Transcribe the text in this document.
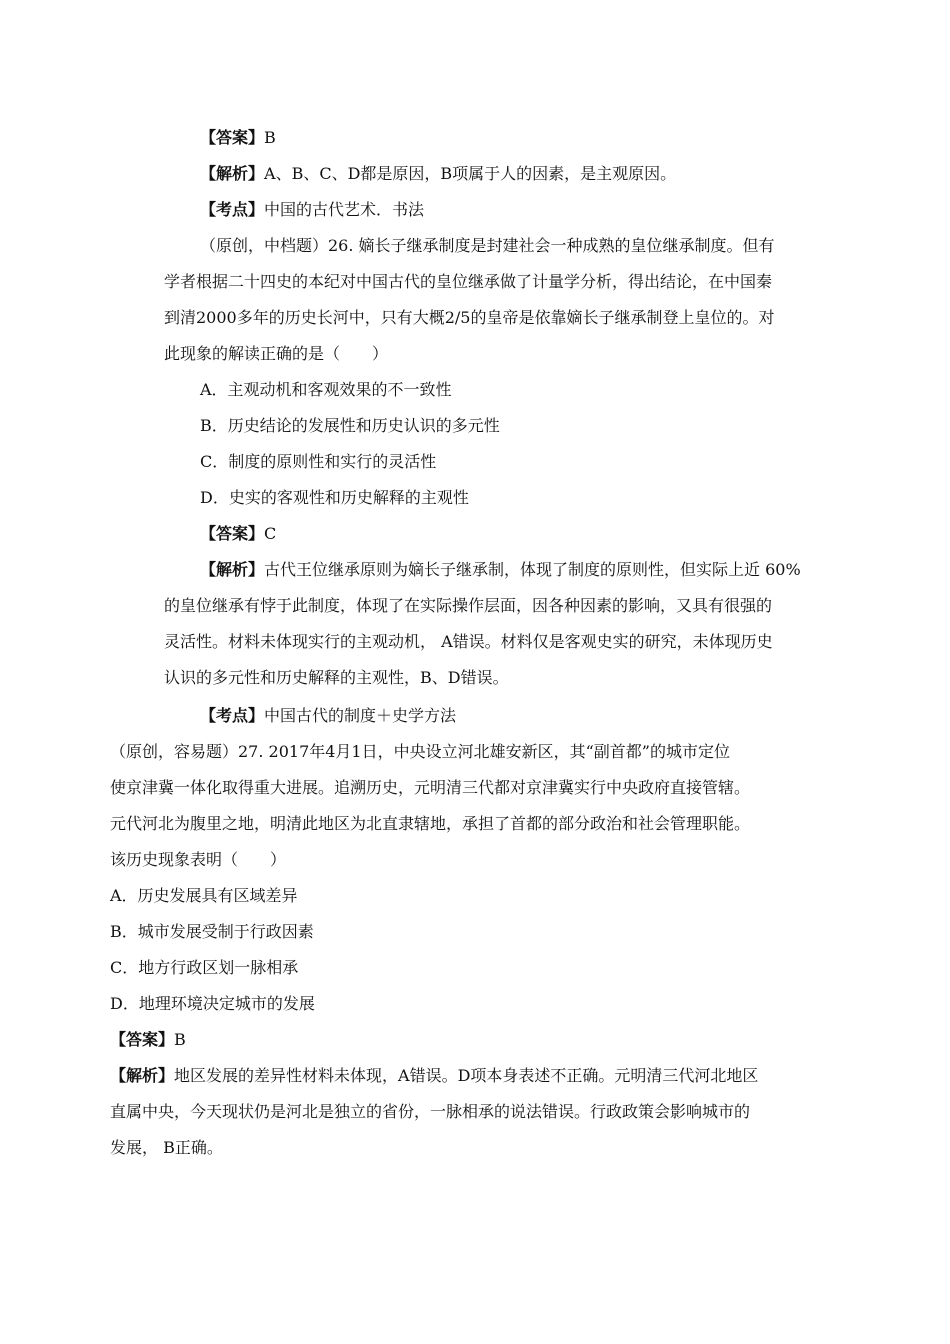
【答案】B
【解析】A、B、C、D都是原因，B项属于人的因素，是主观原因。
【考点】中国的古代艺术．书法
（原创，中档题）26. 嫡长子继承制度是封建社会一种成熟的皇位继承制度。但有
学者根据二十四史的本纪对中国古代的皇位继承做了计量学分析，得出结论，在中国秦
到清2000多年的历史长河中，只有大概2/5的皇帝是依靠嫡长子继承制登上皇位的。对
此现象的解读正确的是（　　）
A．主观动机和客观效果的不一致性
B．历史结论的发展性和历史认识的多元性
C．制度的原则性和实行的灵活性
D．史实的客观性和历史解释的主观性
【答案】C
【解析】古代王位继承原则为嫡长子继承制，体现了制度的原则性，但实际上近 60%
的皇位继承有悖于此制度，体现了在实际操作层面，因各种因素的影响，又具有很强的
灵活性。材料未体现实行的主观动机， A错误。材料仅是客观史实的研究，未体现历史
认识的多元性和历史解释的主观性，B、D错误。
【考点】中国古代的制度＋史学方法
（原创，容易题）27. 2017年4月1日，中央设立河北雄安新区，其“副首都”的城市定位
使京津冀一体化取得重大进展。追溯历史，元明清三代都对京津冀实行中央政府直接管辖。
元代河北为腹里之地，明清此地区为北直隶辖地，承担了首都的部分政治和社会管理职能。
该历史现象表明（　　）
A．历史发展具有区域差异
B．城市发展受制于行政因素
C．地方行政区划一脉相承
D．地理环境决定城市的发展
【答案】B
【解析】地区发展的差异性材料未体现，A错误。D项本身表述不正确。元明清三代河北地区
直属中央，今天现状仍是河北是独立的省份，一脉相承的说法错误。行政政策会影响城市的
发展， B正确。
